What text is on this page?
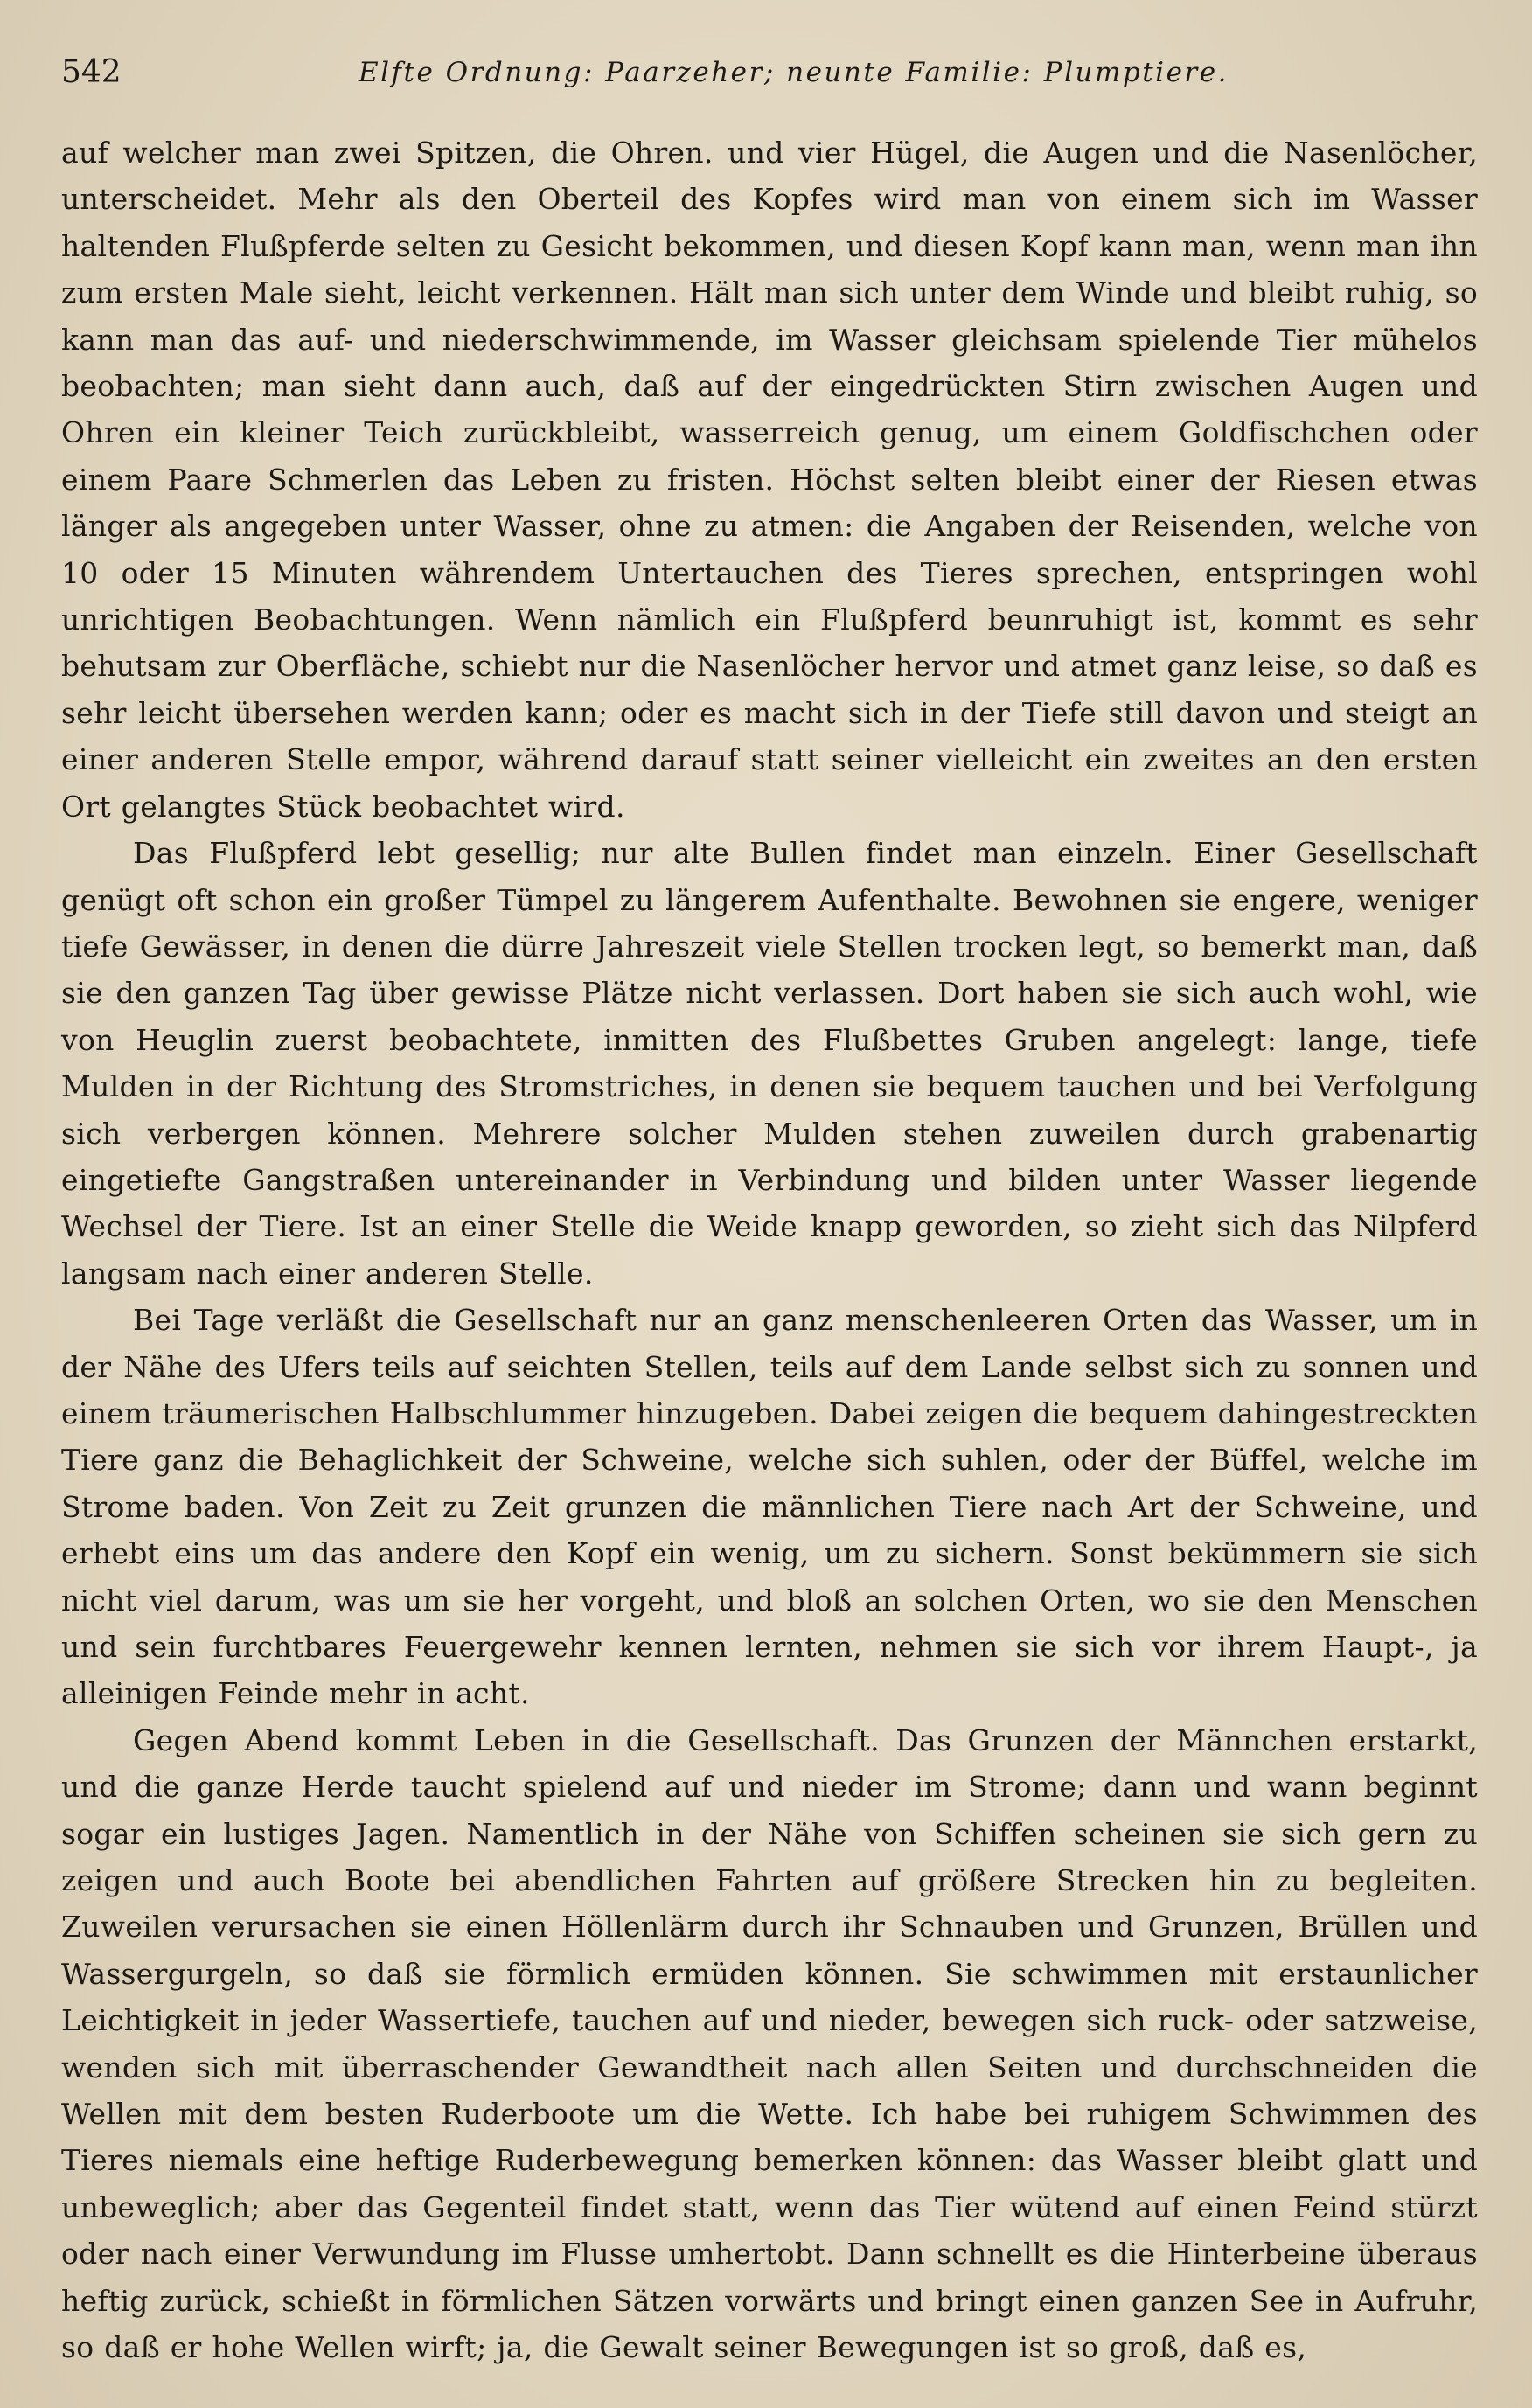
542	Elfte Ordnung: Paarzeher; neunte Familie: Plumptiere.

auf welcher man zwei Spitzen, die Ohren. und vier Hügel, die Augen und die Nasenlöcher, unterscheidet. Mehr als den Oberteil des Kopfes wird man von einem sich im Wasser haltenden Flußpferde selten zu Gesicht bekommen, und diesen Kopf kann man, wenn man ihn zum ersten Male sieht, leicht verkennen. Hält man sich unter dem Winde und bleibt ruhig, so kann man das auf- und niederschwimmende, im Wasser gleichsam spielende Tier mühelos beobachten; man sieht dann auch, daß auf der eingedrückten Stirn zwischen Augen und Ohren ein kleiner Teich zurückbleibt, wasserreich genug, um einem Goldfischchen oder einem Paare Schmerlen das Leben zu fristen. Höchst selten bleibt einer der Riesen etwas länger als angegeben unter Wasser, ohne zu atmen: die Angaben der Reisenden, welche von 10 oder 15 Minuten währendem Untertauchen des Tieres sprechen, entspringen wohl unrichtigen Beobachtungen. Wenn nämlich ein Flußpferd beunruhigt ist, kommt es sehr behutsam zur Oberfläche, schiebt nur die Nasenlöcher hervor und atmet ganz leise, so daß es sehr leicht übersehen werden kann; oder es macht sich in der Tiefe still davon und steigt an einer anderen Stelle empor, während darauf statt seiner vielleicht ein zweites an den ersten Ort gelangtes Stück beobachtet wird.

Das Flußpferd lebt gesellig; nur alte Bullen findet man einzeln. Einer Gesellschaft genügt oft schon ein großer Tümpel zu längerem Aufenthalte. Bewohnen sie engere, weniger tiefe Gewässer, in denen die dürre Jahreszeit viele Stellen trocken legt, so bemerkt man, daß sie den ganzen Tag über gewisse Plätze nicht verlassen. Dort haben sie sich auch wohl, wie von Heuglin zuerst beobachtete, inmitten des Flußbettes Gruben angelegt: lange, tiefe Mulden in der Richtung des Stromstriches, in denen sie bequem tauchen und bei Verfolgung sich verbergen können. Mehrere solcher Mulden stehen zuweilen durch grabenartig eingetiefte Gangstraßen untereinander in Verbindung und bilden unter Wasser liegende Wechsel der Tiere. Ist an einer Stelle die Weide knapp geworden, so zieht sich das Nilpferd langsam nach einer anderen Stelle.

Bei Tage verläßt die Gesellschaft nur an ganz menschenleeren Orten das Wasser, um in der Nähe des Ufers teils auf seichten Stellen, teils auf dem Lande selbst sich zu sonnen und einem träumerischen Halbschlummer hinzugeben. Dabei zeigen die bequem dahingestreckten Tiere ganz die Behaglichkeit der Schweine, welche sich suhlen, oder der Büffel, welche im Strome baden. Von Zeit zu Zeit grunzen die männlichen Tiere nach Art der Schweine, und erhebt eins um das andere den Kopf ein wenig, um zu sichern. Sonst bekümmern sie sich nicht viel darum, was um sie her vorgeht, und bloß an solchen Orten, wo sie den Menschen und sein furchtbares Feuergewehr kennen lernten, nehmen sie sich vor ihrem Haupt-, ja alleinigen Feinde mehr in acht.

Gegen Abend kommt Leben in die Gesellschaft. Das Grunzen der Männchen erstarkt, und die ganze Herde taucht spielend auf und nieder im Strome; dann und wann beginnt sogar ein lustiges Jagen. Namentlich in der Nähe von Schiffen scheinen sie sich gern zu zeigen und auch Boote bei abendlichen Fahrten auf größere Strecken hin zu begleiten. Zuweilen verursachen sie einen Höllenlärm durch ihr Schnauben und Grunzen, Brüllen und Wassergurgeln, so daß sie förmlich ermüden können. Sie schwimmen mit erstaunlicher Leichtigkeit in jeder Wassertiefe, tauchen auf und nieder, bewegen sich ruck- oder satzweise, wenden sich mit überraschender Gewandtheit nach allen Seiten und durchschneiden die Wellen mit dem besten Ruderboote um die Wette. Ich habe bei ruhigem Schwimmen des Tieres niemals eine heftige Ruderbewegung bemerken können: das Wasser bleibt glatt und unbeweglich; aber das Gegenteil findet statt, wenn das Tier wütend auf einen Feind stürzt oder nach einer Verwundung im Flusse umhertobt. Dann schnellt es die Hinterbeine überaus heftig zurück, schießt in förmlichen Sätzen vorwärts und bringt einen ganzen See in Aufruhr, so daß er hohe Wellen wirft; ja, die Gewalt seiner Bewegungen ist so groß, daß es,
